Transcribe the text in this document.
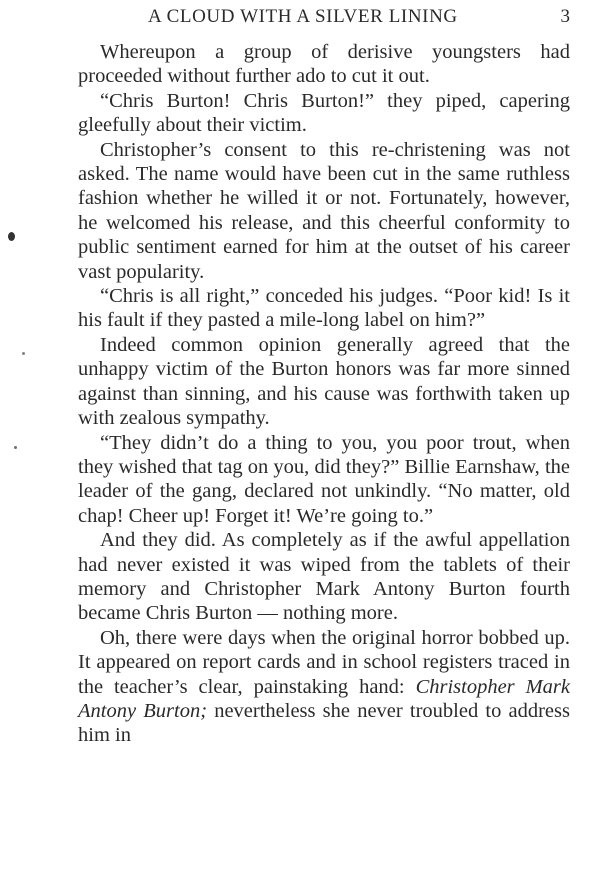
A CLOUD WITH A SILVER LINING	3

Whereupon a group of derisive youngsters had proceeded without further ado to cut it out.

“Chris Burton! Chris Burton!” they piped, capering gleefully about their victim.

Christopher’s consent to this re-christening was not asked. The name would have been cut in the same ruthless fashion whether he willed it or not. Fortunately, however, he welcomed his release, and this cheerful conformity to public sentiment earned for him at the outset of his career vast popularity.

“Chris is all right,” conceded his judges. “Poor kid! Is it his fault if they pasted a mile-long label on him?”

Indeed common opinion generally agreed that the unhappy victim of the Burton honors was far more sinned against than sinning, and his cause was forthwith taken up with zealous sympathy.

“They didn’t do a thing to you, you poor trout, when they wished that tag on you, did they?” Billie Earnshaw, the leader of the gang, declared not unkindly. “No matter, old chap! Cheer up! Forget it! We’re going to.”

And they did. As completely as if the awful appellation had never existed it was wiped from the tablets of their memory and Christopher Mark Antony Burton fourth became Chris Burton — nothing more.

Oh, there were days when the original horror bobbed up. It appeared on report cards and in school registers traced in the teacher’s clear, painstaking hand: Christopher Mark Antony Burton; nevertheless she never troubled to address him in
